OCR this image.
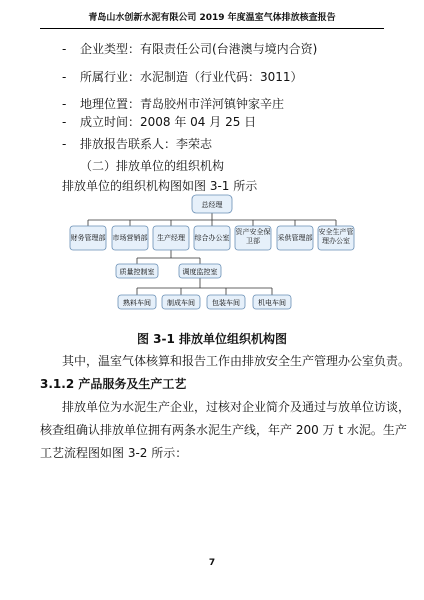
青岛山水创新水泥有限公司 2019 年度温室气体排放核查报告
- 企业类型：有限责任公司(台港澳与境内合资)
- 所属行业：水泥制造（行业代码：3011）
- 地理位置：青岛胶州市洋河镇钟家辛庄
- 成立时间：2008 年 04 月 25 日
- 排放报告联系人：李荣志
（二）排放单位的组织机构
排放单位的组织机构图如图 3-1 所示
总经理
财务管理部 市场营销部 生产经理 综合办公室
资产安全保卫部	采供管理部
安全生产管理办公室
质量控制室	调度监控室
熟料车间 制成车间 包装车间	机电车间
图 3-1 排放单位组织机构图
其中，温室气体核算和报告工作由排放安全生产管理办公室负责。
3.1.2 产品服务及生产工艺
排放单位为水泥生产企业，过核对企业简介及通过与放单位访谈，
核查组确认排放单位拥有两条水泥生产线，年产 200 万 t 水泥。生产
工艺流程图如图 3-2 所示：
7
